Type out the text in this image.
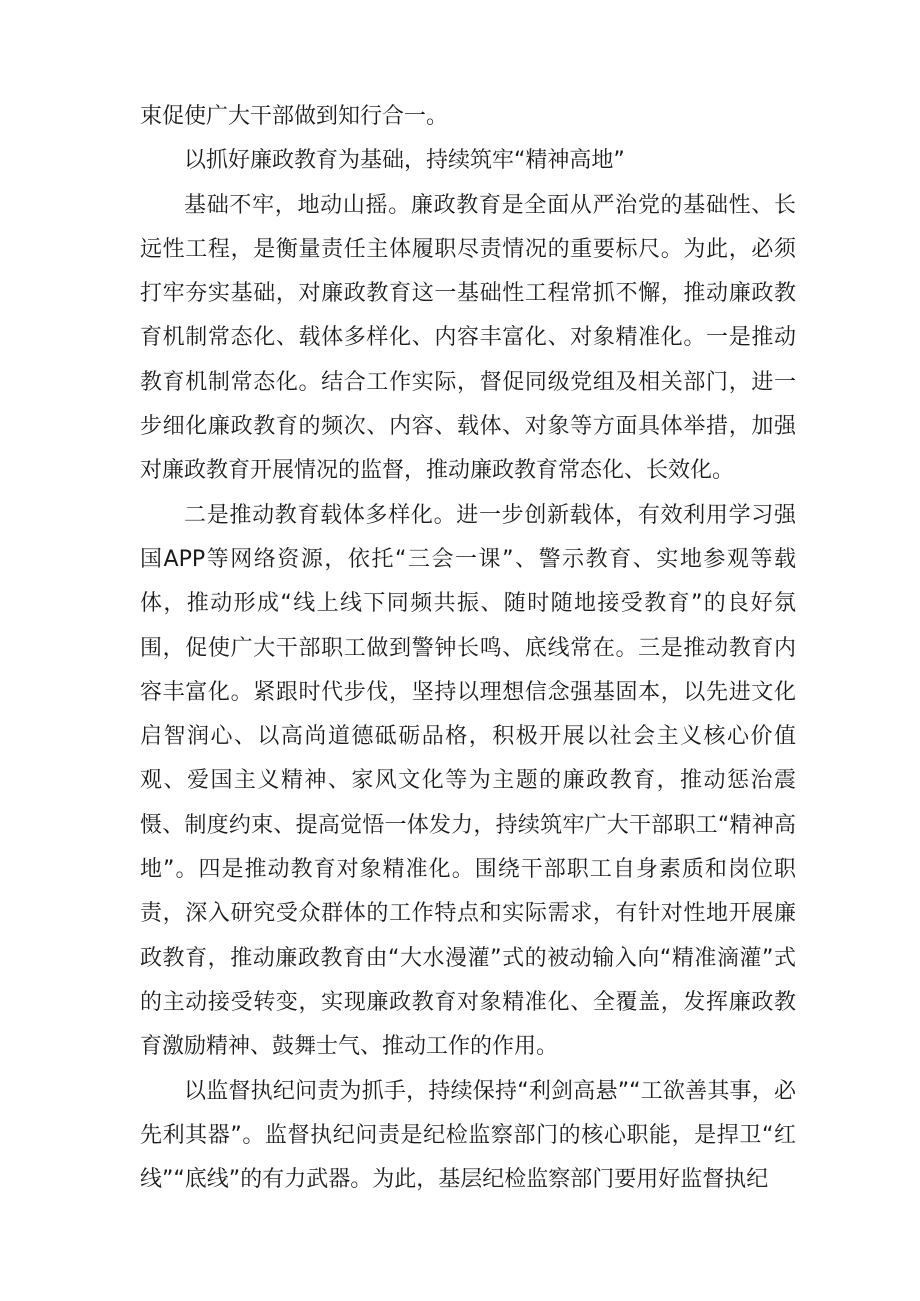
束促使广大干部做到知行合一。

以抓好廉政教育为基础，持续筑牢“精神高地”

基础不牢，地动山摇。廉政教育是全面从严治党的基础性、长远性工程，是衡量责任主体履职尽责情况的重要标尺。为此，必须打牢夯实基础，对廉政教育这一基础性工程常抓不懈，推动廉政教育机制常态化、载体多样化、内容丰富化、对象精准化。一是推动教育机制常态化。结合工作实际，督促同级党组及相关部门，进一步细化廉政教育的频次、内容、载体、对象等方面具体举措，加强对廉政教育开展情况的监督，推动廉政教育常态化、长效化。

二是推动教育载体多样化。进一步创新载体，有效利用学习强国APP等网络资源，依托“三会一课”、警示教育、实地参观等载体，推动形成“线上线下同频共振、随时随地接受教育”的良好氛围，促使广大干部职工做到警钟长鸣、底线常在。三是推动教育内容丰富化。紧跟时代步伐，坚持以理想信念强基固本，以先进文化启智润心、以高尚道德砥砺品格，积极开展以社会主义核心价值观、爱国主义精神、家风文化等为主题的廉政教育，推动惩治震慑、制度约束、提高觉悟一体发力，持续筑牢广大干部职工“精神高地”。四是推动教育对象精准化。围绕干部职工自身素质和岗位职责，深入研究受众群体的工作特点和实际需求，有针对性地开展廉政教育，推动廉政教育由“大水漫灌”式的被动输入向“精准滴灌”式的主动接受转变，实现廉政教育对象精准化、全覆盖，发挥廉政教育激励精神、鼓舞士气、推动工作的作用。

以监督执纪问责为抓手，持续保持“利剑高悬”“工欲善其事，必先利其器”。监督执纪问责是纪检监察部门的核心职能，是捍卫“红线”“底线”的有力武器。为此，基层纪检监察部门要用好监督执纪
